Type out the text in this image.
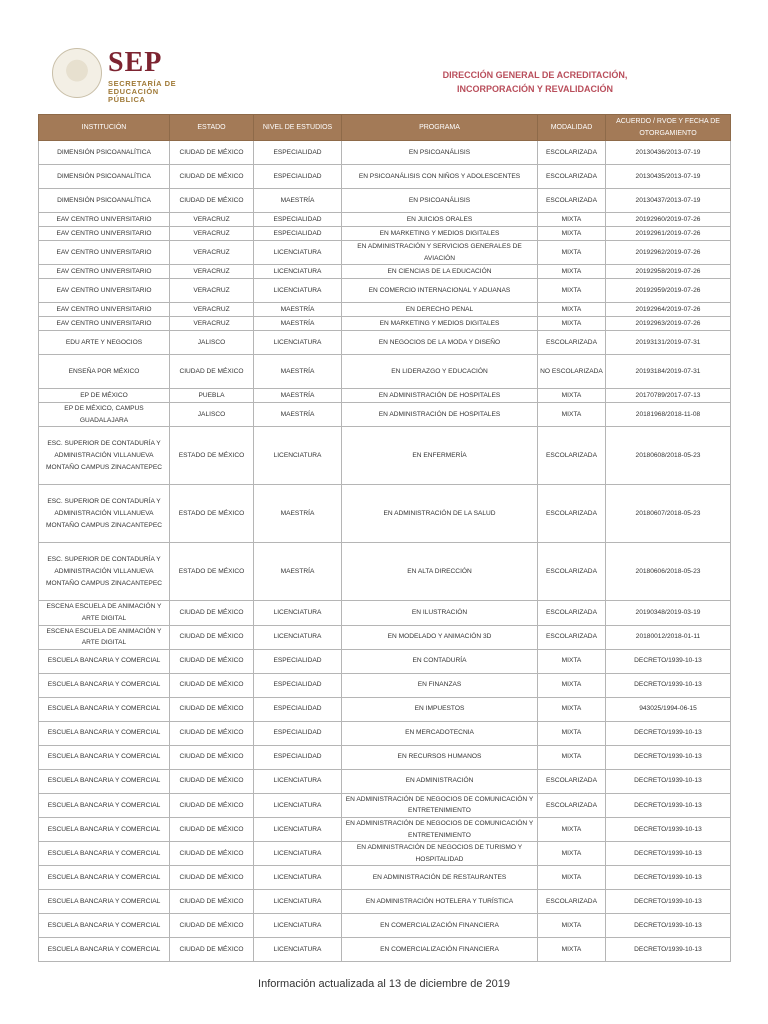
SEP
SECRETARÍA DE
EDUCACIÓN PÚBLICA
DIRECCIÓN GENERAL DE ACREDITACIÓN,
INCORPORACIÓN Y REVALIDACIÓN
INSTITUCIÓN	ESTADO	NIVEL DE ESTUDIOS	PROGRAMA	MODALIDAD	ACUERDO / RVOE Y FECHA DE OTORGAMIENTO
DIMENSIÓN PSICOANALÍTICA	CIUDAD DE MÉXICO	ESPECIALIDAD	EN PSICOANÁLISIS	ESCOLARIZADA	20130436/2013-07-19
DIMENSIÓN PSICOANALÍTICA	CIUDAD DE MÉXICO	ESPECIALIDAD	EN PSICOANÁLISIS CON NIÑOS Y ADOLESCENTES	ESCOLARIZADA	20130435/2013-07-19
DIMENSIÓN PSICOANALÍTICA	CIUDAD DE MÉXICO	MAESTRÍA	EN PSICOANÁLISIS	ESCOLARIZADA	20130437/2013-07-19
EAV CENTRO UNIVERSITARIO	VERACRUZ	ESPECIALIDAD	EN JUICIOS ORALES	MIXTA	20192960/2019-07-26
EAV CENTRO UNIVERSITARIO	VERACRUZ	ESPECIALIDAD	EN MARKETING Y MEDIOS DIGITALES	MIXTA	20192961/2019-07-26
EAV CENTRO UNIVERSITARIO	VERACRUZ	LICENCIATURA	EN ADMINISTRACIÓN Y SERVICIOS GENERALES DE AVIACIÓN	MIXTA	20192962/2019-07-26
EAV CENTRO UNIVERSITARIO	VERACRUZ	LICENCIATURA	EN CIENCIAS DE LA EDUCACIÓN	MIXTA	20192958/2019-07-26
EAV CENTRO UNIVERSITARIO	VERACRUZ	LICENCIATURA	EN COMERCIO INTERNACIONAL Y ADUANAS	MIXTA	20192959/2019-07-26
EAV CENTRO UNIVERSITARIO	VERACRUZ	MAESTRÍA	EN DERECHO PENAL	MIXTA	20192964/2019-07-26
EAV CENTRO UNIVERSITARIO	VERACRUZ	MAESTRÍA	EN MARKETING Y MEDIOS DIGITALES	MIXTA	20192963/2019-07-26
EDU ARTE Y NEGOCIOS	JALISCO	LICENCIATURA	EN NEGOCIOS DE LA MODA Y DISEÑO	ESCOLARIZADA	20193131/2019-07-31
ENSEÑA POR MÉXICO	CIUDAD DE MÉXICO	MAESTRÍA	EN LIDERAZGO Y EDUCACIÓN	NO ESCOLARIZADA	20193184/2019-07-31
EP DE MÉXICO	PUEBLA	MAESTRÍA	EN ADMINISTRACIÓN DE HOSPITALES	MIXTA	20170789/2017-07-13
EP DE MÉXICO, CAMPUS GUADALAJARA	JALISCO	MAESTRÍA	EN ADMINISTRACIÓN DE HOSPITALES	MIXTA	20181968/2018-11-08
ESC. SUPERIOR DE CONTADURÍA Y ADMINISTRACIÓN VILLANUEVA MONTAÑO CAMPUS ZINACANTEPEC	ESTADO DE MÉXICO	LICENCIATURA	EN ENFERMERÍA	ESCOLARIZADA	20180608/2018-05-23
ESC. SUPERIOR DE CONTADURÍA Y ADMINISTRACIÓN VILLANUEVA MONTAÑO CAMPUS ZINACANTEPEC	ESTADO DE MÉXICO	MAESTRÍA	EN ADMINISTRACIÓN DE LA SALUD	ESCOLARIZADA	20180607/2018-05-23
ESC. SUPERIOR DE CONTADURÍA Y ADMINISTRACIÓN VILLANUEVA MONTAÑO CAMPUS ZINACANTEPEC	ESTADO DE MÉXICO	MAESTRÍA	EN ALTA DIRECCIÓN	ESCOLARIZADA	20180606/2018-05-23
ESCENA ESCUELA DE ANIMACIÓN Y ARTE DIGITAL	CIUDAD DE MÉXICO	LICENCIATURA	EN ILUSTRACIÓN	ESCOLARIZADA	20190348/2019-03-19
ESCENA ESCUELA DE ANIMACIÓN Y ARTE DIGITAL	CIUDAD DE MÉXICO	LICENCIATURA	EN MODELADO Y ANIMACIÓN 3D	ESCOLARIZADA	20180012/2018-01-11
ESCUELA BANCARIA Y COMERCIAL	CIUDAD DE MÉXICO	ESPECIALIDAD	EN CONTADURÍA	MIXTA	DECRETO/1939-10-13
ESCUELA BANCARIA Y COMERCIAL	CIUDAD DE MÉXICO	ESPECIALIDAD	EN FINANZAS	MIXTA	DECRETO/1939-10-13
ESCUELA BANCARIA Y COMERCIAL	CIUDAD DE MÉXICO	ESPECIALIDAD	EN IMPUESTOS	MIXTA	943025/1994-06-15
ESCUELA BANCARIA Y COMERCIAL	CIUDAD DE MÉXICO	ESPECIALIDAD	EN MERCADOTECNIA	MIXTA	DECRETO/1939-10-13
ESCUELA BANCARIA Y COMERCIAL	CIUDAD DE MÉXICO	ESPECIALIDAD	EN RECURSOS HUMANOS	MIXTA	DECRETO/1939-10-13
ESCUELA BANCARIA Y COMERCIAL	CIUDAD DE MÉXICO	LICENCIATURA	EN ADMINISTRACIÓN	ESCOLARIZADA	DECRETO/1939-10-13
ESCUELA BANCARIA Y COMERCIAL	CIUDAD DE MÉXICO	LICENCIATURA	EN ADMINISTRACIÓN DE NEGOCIOS DE COMUNICACIÓN Y ENTRETENIMIENTO	ESCOLARIZADA	DECRETO/1939-10-13
ESCUELA BANCARIA Y COMERCIAL	CIUDAD DE MÉXICO	LICENCIATURA	EN ADMINISTRACIÓN DE NEGOCIOS DE COMUNICACIÓN Y ENTRETENIMIENTO	MIXTA	DECRETO/1939-10-13
ESCUELA BANCARIA Y COMERCIAL	CIUDAD DE MÉXICO	LICENCIATURA	EN ADMINISTRACIÓN DE NEGOCIOS DE TURISMO Y HOSPITALIDAD	MIXTA	DECRETO/1939-10-13
ESCUELA BANCARIA Y COMERCIAL	CIUDAD DE MÉXICO	LICENCIATURA	EN ADMINISTRACIÓN DE RESTAURANTES	MIXTA	DECRETO/1939-10-13
ESCUELA BANCARIA Y COMERCIAL	CIUDAD DE MÉXICO	LICENCIATURA	EN ADMINISTRACIÓN HOTELERA Y TURÍSTICA	ESCOLARIZADA	DECRETO/1939-10-13
ESCUELA BANCARIA Y COMERCIAL	CIUDAD DE MÉXICO	LICENCIATURA	EN COMERCIALIZACIÓN FINANCIERA	MIXTA	DECRETO/1939-10-13
ESCUELA BANCARIA Y COMERCIAL	CIUDAD DE MÉXICO	LICENCIATURA	EN COMERCIALIZACIÓN FINANCIERA	MIXTA	DECRETO/1939-10-13
Información actualizada al 13 de diciembre de 2019
